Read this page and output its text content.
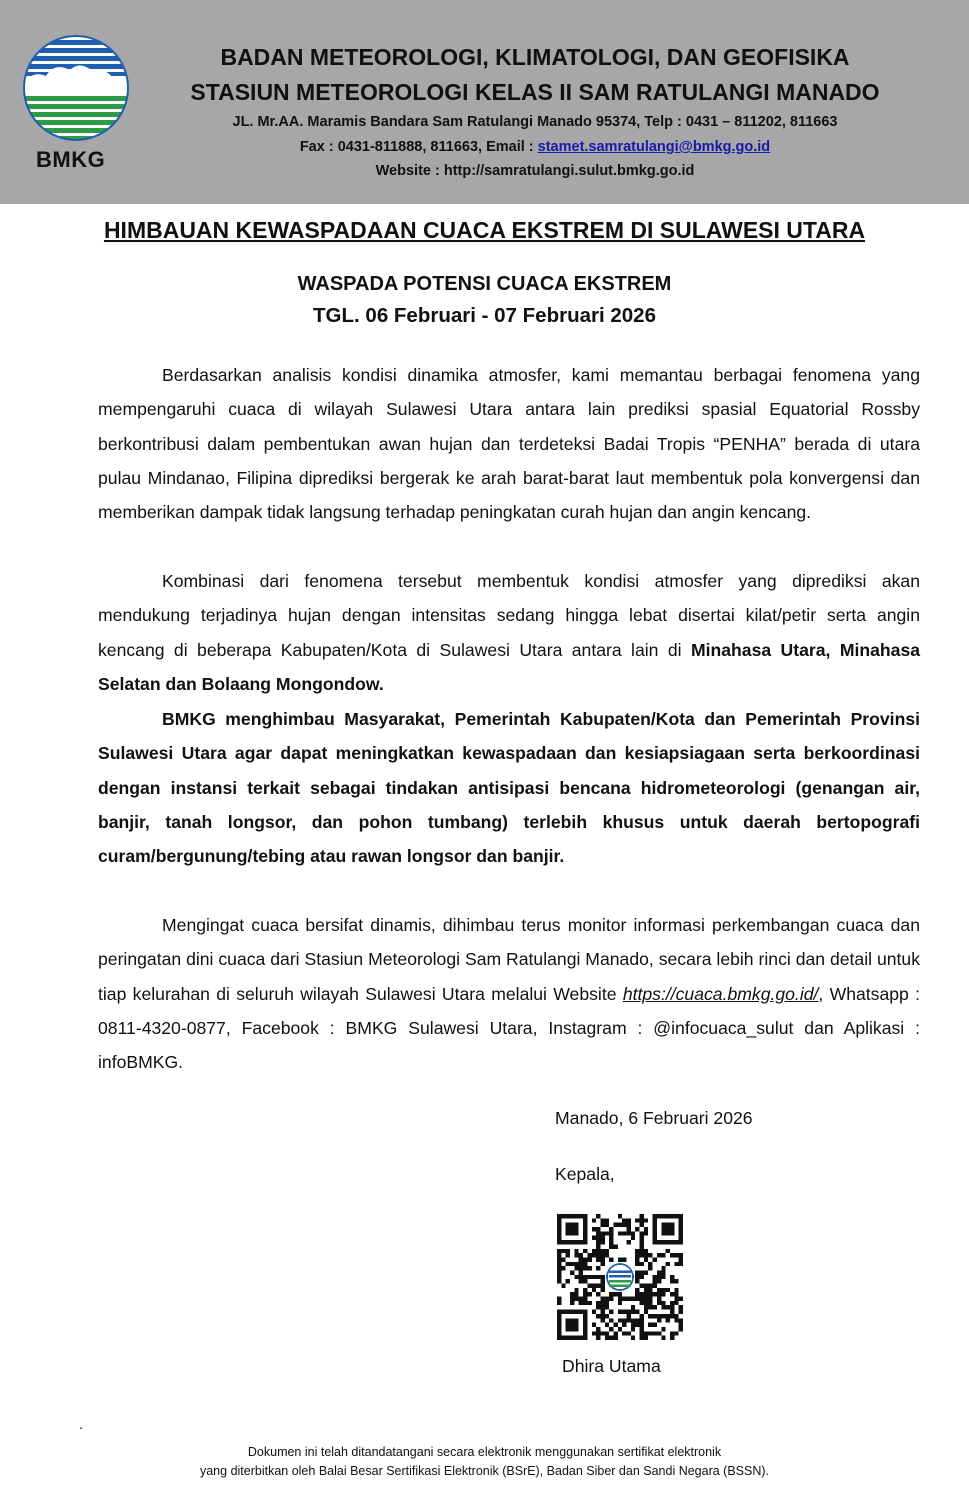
BMKG
BADAN METEOROLOGI, KLIMATOLOGI, DAN GEOFISIKA
STASIUN METEOROLOGI KELAS II SAM RATULANGI MANADO
JL. Mr.AA. Maramis Bandara Sam Ratulangi Manado 95374, Telp : 0431 – 811202, 811663
Fax : 0431-811888, 811663, Email : stamet.samratulangi@bmkg.go.id
Website : http://samratulangi.sulut.bmkg.go.id
HIMBAUAN KEWASPADAAN CUACA EKSTREM DI SULAWESI UTARA
WASPADA POTENSI CUACA EKSTREM
TGL. 06 Februari - 07 Februari 2026

Berdasarkan analisis kondisi dinamika atmosfer, kami memantau berbagai fenomena yang mempengaruhi cuaca di wilayah Sulawesi Utara antara lain prediksi spasial Equatorial Rossby berkontribusi dalam pembentukan awan hujan dan terdeteksi Badai Tropis “PENHA” berada di utara pulau Mindanao, Filipina diprediksi bergerak ke arah barat-barat laut membentuk pola konvergensi dan memberikan dampak tidak langsung terhadap peningkatan curah hujan dan angin kencang.

Kombinasi dari fenomena tersebut membentuk kondisi atmosfer yang diprediksi akan mendukung terjadinya hujan dengan intensitas sedang hingga lebat disertai kilat/petir serta angin kencang di beberapa Kabupaten/Kota di Sulawesi Utara antara lain di Minahasa Utara, Minahasa Selatan dan Bolaang Mongondow.

BMKG menghimbau Masyarakat, Pemerintah Kabupaten/Kota dan Pemerintah Provinsi Sulawesi Utara agar dapat meningkatkan kewaspadaan dan kesiapsiagaan serta berkoordinasi dengan instansi terkait sebagai tindakan antisipasi bencana hidrometeorologi (genangan air, banjir, tanah longsor, dan pohon tumbang) terlebih khusus untuk daerah bertopografi curam/bergunung/tebing atau rawan longsor dan banjir.

Mengingat cuaca bersifat dinamis, dihimbau terus monitor informasi perkembangan cuaca dan peringatan dini cuaca dari Stasiun Meteorologi Sam Ratulangi Manado, secara lebih rinci dan detail untuk tiap kelurahan di seluruh wilayah Sulawesi Utara melalui Website https://cuaca.bmkg.go.id/, Whatsapp : 0811-4320-0877, Facebook : BMKG Sulawesi Utara, Instagram : @infocuaca_sulut dan Aplikasi : infoBMKG.

Manado, 6 Februari 2026
Kepala,
Dhira Utama
.
Dokumen ini telah ditandatangani secara elektronik menggunakan sertifikat elektronik
yang diterbitkan oleh Balai Besar Sertifikasi Elektronik (BSrE), Badan Siber dan Sandi Negara (BSSN).
